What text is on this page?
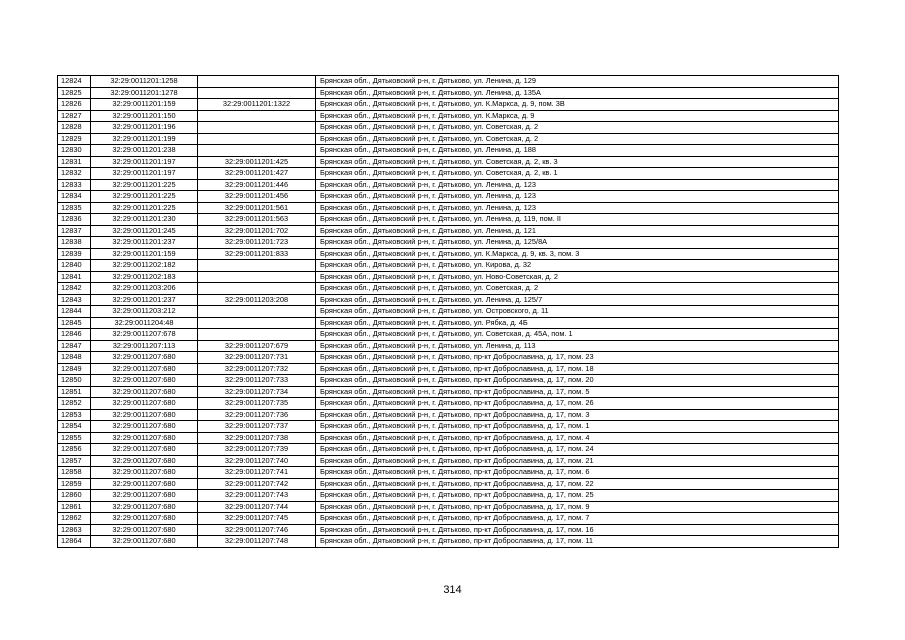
12824	32:29:0011201:1258		Брянская обл., Дятьковский р-н, г. Дятьково, ул. Ленина, д. 129
12825	32:29:0011201:1278		Брянская обл., Дятьковский р-н, г. Дятьково, ул. Ленина, д. 135А
12826	32:29:0011201:159	32:29:0011201:1322	Брянская обл., Дятьковский р-н, г. Дятьково, ул. К.Маркса, д. 9, пом. 3В
12827	32:29:0011201:150		Брянская обл., Дятьковский р-н, г. Дятьково, ул. К.Маркса, д. 9
12828	32:29:0011201:196		Брянская обл., Дятьковский р-н, г. Дятьково, ул. Советская, д. 2
12829	32:29:0011201:199		Брянская обл., Дятьковский р-н, г. Дятьково, ул. Советская, д. 2
12830	32:29:0011201:238		Брянская обл., Дятьковский р-н, г. Дятьково, ул. Ленина, д. 188
12831	32:29:0011201:197	32:29:0011201:425	Брянская обл., Дятьковский р-н, г. Дятьково, ул. Советская, д. 2, кв. 3
12832	32:29:0011201:197	32:29:0011201:427	Брянская обл., Дятьковский р-н, г. Дятьково, ул. Советская, д. 2, кв. 1
12833	32:29:0011201:225	32:29:0011201:446	Брянская обл., Дятьковский р-н, г. Дятьково, ул. Ленина, д. 123
12834	32:29:0011201:225	32:29:0011201:456	Брянская обл., Дятьковский р-н, г. Дятьково, ул. Ленина, д. 123
12835	32:29:0011201:225	32:29:0011201:561	Брянская обл., Дятьковский р-н, г. Дятьково, ул. Ленина, д. 123
12836	32:29:0011201:230	32:29:0011201:563	Брянская обл., Дятьковский р-н, г. Дятьково, ул. Ленина, д. 119, пом. II
12837	32:29:0011201:245	32:29:0011201:702	Брянская обл., Дятьковский р-н, г. Дятьково, ул. Ленина, д. 121
12838	32:29:0011201:237	32:29:0011201:723	Брянская обл., Дятьковский р-н, г. Дятьково, ул. Ленина, д. 125/8А
12839	32:29:0011201:159	32:29:0011201:833	Брянская обл., Дятьковский р-н, г. Дятьково, ул. К.Маркса, д. 9, кв. 3, пом. 3
12840	32:29:0011202:182		Брянская обл., Дятьковский р-н, г. Дятьково, ул. Кирова, д. 32
12841	32:29:0011202:183		Брянская обл., Дятьковский р-н, г. Дятьково, ул. Ново-Советская, д. 2
12842	32:29:0011203:206		Брянская обл., Дятьковский р-н, г. Дятьково, ул. Советская, д. 2
12843	32:29:0011201:237	32:29:0011203:208	Брянская обл., Дятьковский р-н, г. Дятьково, ул. Ленина, д. 125/7
12844	32:29:0011203:212		Брянская обл., Дятьковский р-н, г. Дятьково, ул. Островского, д. 11
12845	32:29:0011204:48		Брянская обл., Дятьковский р-н, г. Дятьково, ул. Рябка, д. 4Б
12846	32:29:0011207:678		Брянская обл., Дятьковский р-н, г. Дятьково, ул. Советская, д. 45А, пом. 1
12847	32:29:0011207:113	32:29:0011207:679	Брянская обл., Дятьковский р-н, г. Дятьково, ул. Ленина, д. 113
12848	32:29:0011207:680	32:29:0011207:731	Брянская обл., Дятьковский р-н, г. Дятьково, пр-кт Доброславина, д. 17, пом. 23
12849	32:29:0011207:680	32:29:0011207:732	Брянская обл., Дятьковский р-н, г. Дятьково, пр-кт Доброславина, д. 17, пом. 18
12850	32:29:0011207:680	32:29:0011207:733	Брянская обл., Дятьковский р-н, г. Дятьково, пр-кт Доброславина, д. 17, пом. 20
12851	32:29:0011207:680	32:29:0011207:734	Брянская обл., Дятьковский р-н, г. Дятьково, пр-кт Доброславина, д. 17, пом. 5
12852	32:29:0011207:680	32:29:0011207:735	Брянская обл., Дятьковский р-н, г. Дятьково, пр-кт Доброславина, д. 17, пом. 26
12853	32:29:0011207:680	32:29:0011207:736	Брянская обл., Дятьковский р-н, г. Дятьково, пр-кт Доброславина, д. 17, пом. 3
12854	32:29:0011207:680	32:29:0011207:737	Брянская обл., Дятьковский р-н, г. Дятьково, пр-кт Доброславина, д. 17, пом. 1
12855	32:29:0011207:680	32:29:0011207:738	Брянская обл., Дятьковский р-н, г. Дятьково, пр-кт Доброславина, д. 17, пом. 4
12856	32:29:0011207:680	32:29:0011207:739	Брянская обл., Дятьковский р-н, г. Дятьково, пр-кт Доброславина, д. 17, пом. 24
12857	32:29:0011207:680	32:29:0011207:740	Брянская обл., Дятьковский р-н, г. Дятьково, пр-кт Доброславина, д. 17, пом. 21
12858	32:29:0011207:680	32:29:0011207:741	Брянская обл., Дятьковский р-н, г. Дятьково, пр-кт Доброславина, д. 17, пом. 6
12859	32:29:0011207:680	32:29:0011207:742	Брянская обл., Дятьковский р-н, г. Дятьково, пр-кт Доброславина, д. 17, пом. 22
12860	32:29:0011207:680	32:29:0011207:743	Брянская обл., Дятьковский р-н, г. Дятьково, пр-кт Доброславина, д. 17, пом. 25
12861	32:29:0011207:680	32:29:0011207:744	Брянская обл., Дятьковский р-н, г. Дятьково, пр-кт Доброславина, д. 17, пом. 9
12862	32:29:0011207:680	32:29:0011207:745	Брянская обл., Дятьковский р-н, г. Дятьково, пр-кт Доброславина, д. 17, пом. 7
12863	32:29:0011207:680	32:29:0011207:746	Брянская обл., Дятьковский р-н, г. Дятьково, пр-кт Доброславина, д. 17, пом. 16
12864	32:29:0011207:680	32:29:0011207:748	Брянская обл., Дятьковский р-н, г. Дятьково, пр-кт Доброславина, д. 17, пом. 11
314
